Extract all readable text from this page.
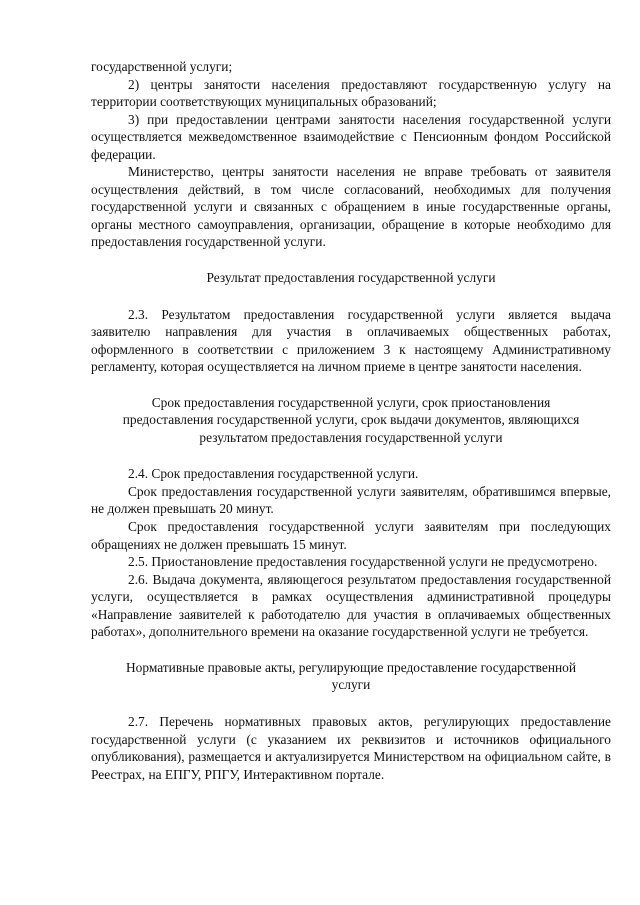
государственной услуги;

2) центры занятости населения предоставляют государственную услугу на территории соответствующих муниципальных образований;

3) при предоставлении центрами занятости населения государственной услуги осуществляется межведомственное взаимодействие с Пенсионным фондом Российской федерации.

Министерство, центры занятости населения не вправе требовать от заявителя осуществления действий, в том числе согласований, необходимых для получения государственной услуги и связанных с обращением в иные государственные органы, органы местного самоуправления, организации, обращение в которые необходимо для предоставления государственной услуги.

Результат предоставления государственной услуги

2.3. Результатом предоставления государственной услуги является выдача заявителю направления для участия в оплачиваемых общественных работах, оформленного в соответствии с приложением 3 к настоящему Административному регламенту, которая осуществляется на личном приеме в центре занятости населения.

Срок предоставления государственной услуги, срок приостановления

предоставления государственной услуги, срок выдачи документов, являющихся

результатом предоставления государственной услуги

2.4. Срок предоставления государственной услуги.

Срок предоставления государственной услуги заявителям, обратившимся впервые, не должен превышать 20 минут.

Срок предоставления государственной услуги заявителям при последующих обращениях не должен превышать 15 минут.

2.5. Приостановление предоставления государственной услуги не предусмотрено.

2.6. Выдача документа, являющегося результатом предоставления государственной услуги, осуществляется в рамках осуществления административной процедуры «Направление заявителей к работодателю для участия в оплачиваемых общественных работах», дополнительного времени на оказание государственной услуги не требуется.

Нормативные правовые акты, регулирующие предоставление государственной

услуги

2.7. Перечень нормативных правовых актов, регулирующих предоставление государственной услуги (с указанием их реквизитов и источников официального опубликования), размещается и актуализируется Министерством на официальном сайте, в Реестрах, на ЕПГУ, РПГУ, Интерактивном портале.
